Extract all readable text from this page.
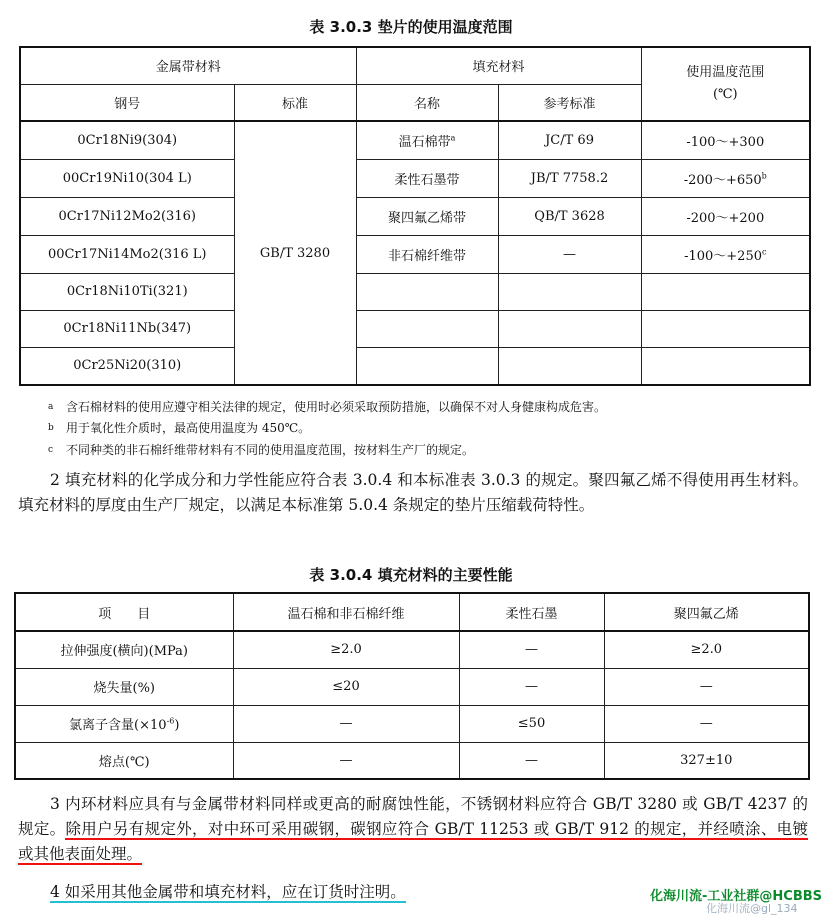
表 3.0.3 垫片的使用温度范围
金属带材料		填充材料		使用温度范围
(℃)

钢号	标准	名称	参考标准	
0Cr18Ni9(304)	GB/T 3280	温石棉带$^a$	JC/T 69	-100～+300
00Cr19Ni10(304 L)		柔性石墨带	JB/T 7758.2	$-200\sim+650^b$
0Cr17Ni12Mo2(316)		聚四氟乙烯带	QB/T 3628	-200～+200
00Cr17Ni14Mo2(316 L)		非石棉纤维带	—	$-100\sim+250^c$
0Cr18Ni10Ti(321)				
0Cr18Ni11Nb(347)				
0Cr25Ni20(310)				
a 含石棉材料的使用应遵守相关法律的规定，使用时必须采取预防措施，以确保不对人身健康构成危害。
b 用于氧化性介质时，最高使用温度为 450℃。
c 不同种类的非石棉纤维带材料有不同的使用温度范围，按材料生产厂的规定。
2 填充材料的化学成分和力学性能应符合表 3.0.4 和本标准表 3.0.3 的规定。聚四氟乙烯不得使用再生材料。填充材料的厚度由生产厂规定，以满足本标准第 5.0.4 条规定的垫片压缩载荷特性。
表 3.0.4 填充材料的主要性能
项　　目	温石棉和非石棉纤维	柔性石墨	聚四氟乙烯
拉伸强度(横向)(MPa)	≥2.0	—	≥2.0
烧失量(%)	≤20	—	—
氯离子含量$(\times 10^{-6})$	—	≤50	—
熔点(℃)	—	—	327±10
3 内环材料应具有与金属带材料同样或更高的耐腐蚀性能，不锈钢材料应符合 GB/T 3280 或 GB/T 4237 的规定。除用户另有规定外，对中环可采用碳钢，碳钢应符合 GB/T 11253 或 GB/T 912 的规定，并经喷涂、电镀或其他表面处理。
4 如采用其他金属带和填充材料，应在订货时注明。	化海川流-工业社群@HCBBS
化海川流@gl_134
